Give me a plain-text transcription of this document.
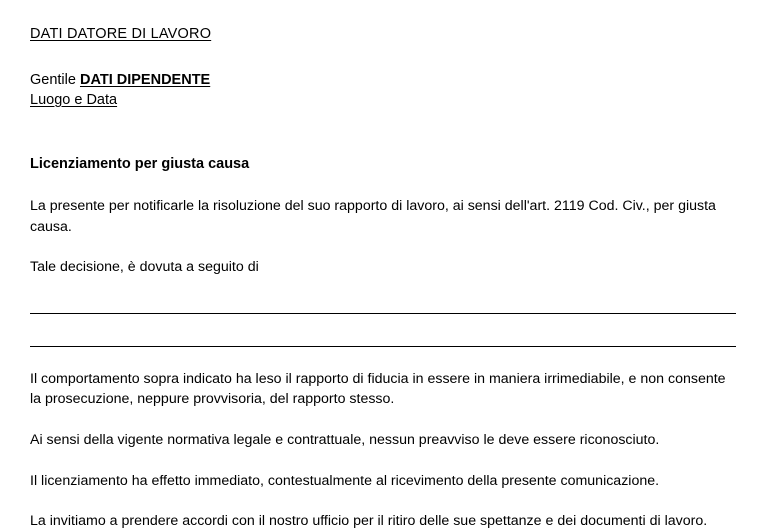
DATI DATORE DI LAVORO
Gentile DATI DIPENDENTE
Luogo e Data
Licenziamento per giusta causa

La presente per notificarle la risoluzione del suo rapporto di lavoro, ai sensi dell'art. 2119 Cod. Civ., per giusta causa.

Tale decisione, è dovuta a seguito di

Il comportamento sopra indicato ha leso il rapporto di fiducia in essere in maniera irrimediabile, e non consente la prosecuzione, neppure provvisoria, del rapporto stesso.

Ai sensi della vigente normativa legale e contrattuale, nessun preavviso le deve essere riconosciuto.

Il licenziamento ha effetto immediato, contestualmente al ricevimento della presente comunicazione.

La invitiamo a prendere accordi con il nostro ufficio per il ritiro delle sue spettanze e dei documenti di lavoro.
